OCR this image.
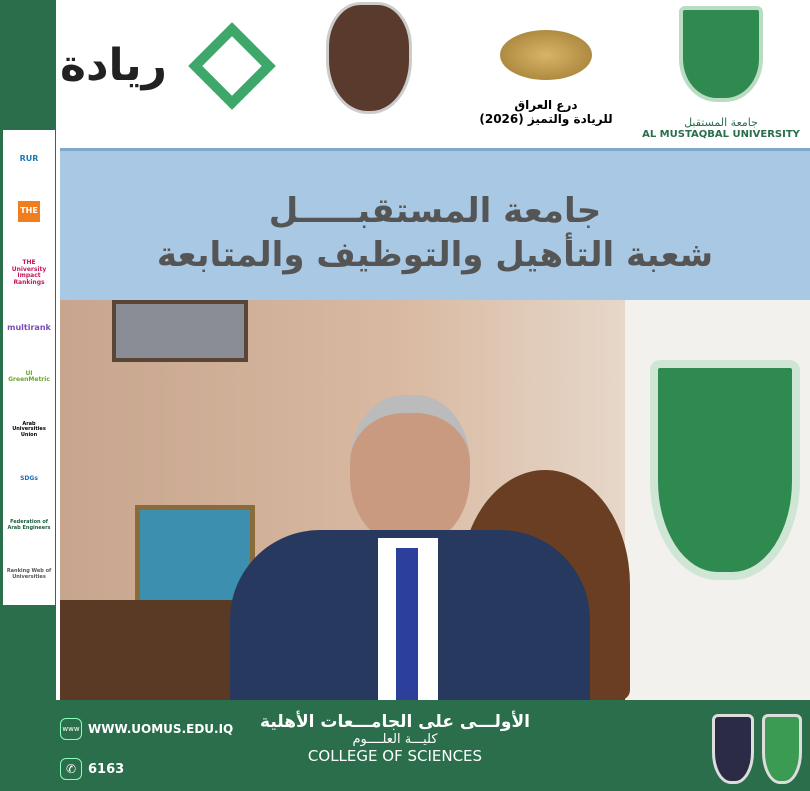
ريادة
درع العراق
للريادة والتميز (2026)	جامعة المستقبل
AL MUSTAQBAL UNIVERSITY
RUR
THE
THE University Impact Rankings
multirank
UI GreenMetric
Arab Universities Union
SDGs
Federation of Arab Engineers
Ranking Web of Universities
جامعة المستقبـــــل
شعبة التأهيل والتوظيف والمتابعة
www WWW.UOMUS.EDU.IQ
✆ 6163
الأولـــى على الجامـــعات الأهلية
كليـــة العلــــوم
COLLEGE OF SCIENCES
